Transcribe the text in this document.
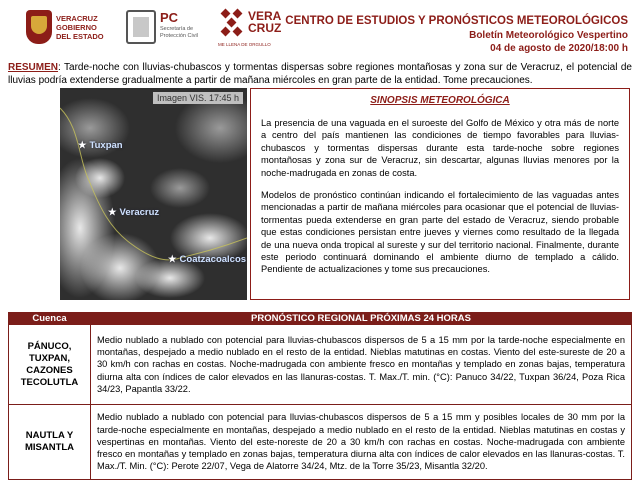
VERACRUZ
GOBIERNO
DEL ESTADO
PC
Secretaría de
Protección Civil
VERA
CRUZ
ME LLENA DE ORGULLO
CENTRO DE ESTUDIOS Y PRONÓSTICOS METEOROLÓGICOS
Boletín Meteorológico Vespertino
04 de agosto de 2020/18:00 h
RESUMEN: Tarde-noche con lluvias-chubascos y tormentas dispersas sobre regiones montañosas y zona sur de Veracruz, el potencial de lluvias podría extenderse gradualmente a partir de mañana miércoles en gran parte de la entidad. Tome precauciones.
Imagen VIS. 17:45 h
★ Tuxpan
★ Veracruz
★ Coatzacoalcos
SINOPSIS METEOROLÓGICA

La presencia de una vaguada en el suroeste del Golfo de México y otra más de norte a centro del país mantienen las condiciones de tiempo favorables para lluvias-chubascos y tormentas dispersas durante esta tarde-noche sobre regiones montañosas y zona sur de Veracruz, sin descartar, algunas lluvias menores por la noche-madrugada en zonas de costa.

Modelos de pronóstico continúan indicando el fortalecimiento de las vaguadas antes mencionadas a partir de mañana miércoles para ocasionar que el potencial de lluvias-tormentas pueda extenderse en gran parte del estado de Veracruz, siendo probable que estas condiciones persistan entre jueves y viernes como resultado de la llegada de una nueva onda tropical al sureste y sur del territorio nacional. Finalmente, durante este periodo continuará dominando el ambiente diurno de templado a cálido. Pendiente de actualizaciones y tome sus precauciones.

Cuenca	PRONÓSTICO REGIONAL PRÓXIMAS 24 HORAS
PÁNUCO, TUXPAN, CAZONES TECOLUTLA	Medio nublado a nublado con potencial para lluvias-chubascos dispersos de 5 a 15 mm por la tarde-noche especialmente en montañas, despejado a medio nublado en el resto de la entidad. Nieblas matutinas en costas. Viento del este-sureste de 20 a 30 km/h con rachas en costas. Noche-madrugada con ambiente fresco en montañas y templado en zonas bajas, temperatura diurna alta con índices de calor elevados en las llanuras-costas. T. Max./T. min. (°C): Panuco 34/22, Tuxpan 36/24, Poza Rica 34/23, Papantla 33/22.
NAUTLA Y MISANTLA	Medio nublado a nublado con potencial para lluvias-chubascos dispersos de 5 a 15 mm y posibles locales de 30 mm por la tarde-noche especialmente en montañas, despejado a medio nublado en el resto de la entidad. Nieblas matutinas en costas y vespertinas en montañas. Viento del este-noreste de 20 a 30 km/h con rachas en costas. Noche-madrugada con ambiente fresco en montañas y templado en zonas bajas, temperatura diurna alta con índices de calor elevados en las llanuras-costas. T. Max./T. Min. (°C): Perote 22/07, Vega de Alatorre 34/24, Mtz. de la Torre 35/23, Misantla 32/20.
